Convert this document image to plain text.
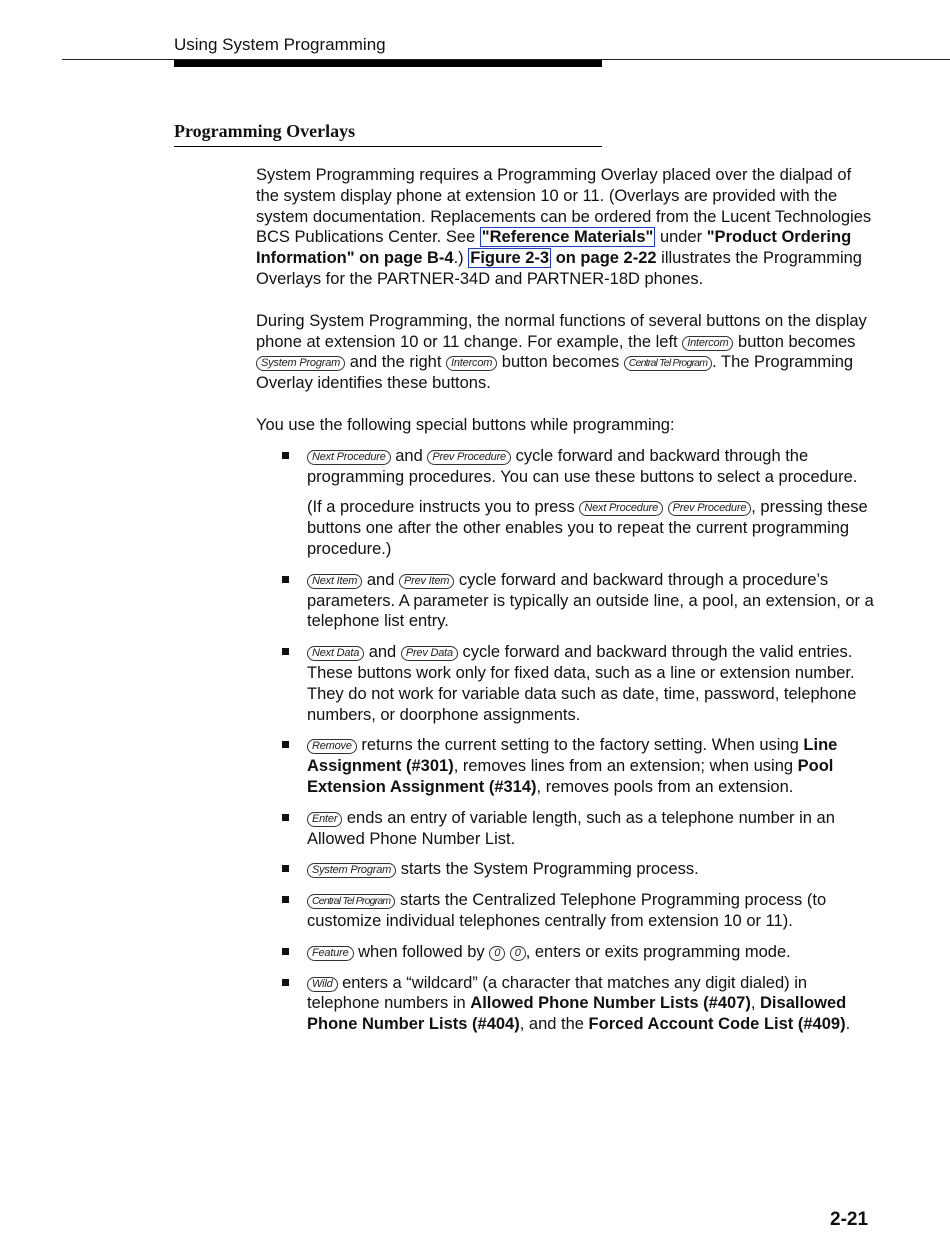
Using System Programming
Programming Overlays

System Programming requires a Programming Overlay placed over the dialpad of the system display phone at extension 10 or 11. (Overlays are provided with the system documentation. Replacements can be ordered from the Lucent Technologies BCS Publications Center. See "Reference Materials" under "Product Ordering Information" on page B-4.) Figure 2-3 on page 2-22 illustrates the Programming Overlays for the PARTNER-34D and PARTNER-18D phones.

During System Programming, the normal functions of several buttons on the display phone at extension 10 or 11 change. For example, the left Intercom button becomes System Program and the right Intercom button becomes Central Tel Program . The Programming Overlay identifies these buttons.

You use the following special buttons while programming:

Next Procedure and Prev Procedure cycle forward and backward through the programming procedures. You can use these buttons to select a procedure.
(If a procedure instructs you to press Next Procedure Prev Procedure , pressing these buttons one after the other enables you to repeat the current programming procedure.)
Next Item and Prev Item cycle forward and backward through a procedure’s parameters. A parameter is typically an outside line, a pool, an extension, or a telephone list entry.
Next Data and Prev Data cycle forward and backward through the valid entries. These buttons work only for fixed data, such as a line or extension number. They do not work for variable data such as date, time, password, telephone numbers, or doorphone assignments.
Remove returns the current setting to the factory setting. When using Line Assignment (#301), removes lines from an extension; when using Pool Extension Assignment (#314), removes pools from an extension.
Enter ends an entry of variable length, such as a telephone number in an Allowed Phone Number List.
System Program starts the System Programming process.
Central Tel Program starts the Centralized Telephone Programming process (to customize individual telephones centrally from extension 10 or 11).
Feature when followed by 0 0 , enters or exits programming mode.
Wild enters a “wildcard” (a character that matches any digit dialed) in telephone numbers in Allowed Phone Number Lists (#407), Disallowed Phone Number Lists (#404), and the Forced Account Code List (#409).
2-21
